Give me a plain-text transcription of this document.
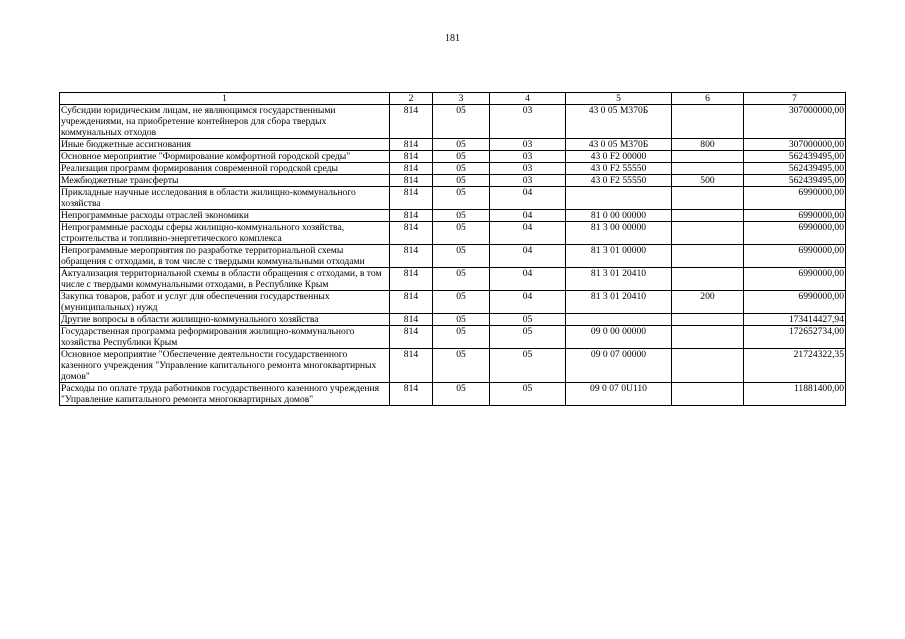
181
1	2	3	4	5	6	7
Субсидии юридическим лицам, не являющимся государственными учреждениями, на приобретение контейнеров для сбора твердых коммунальных отходов	814	05	03	43 0 05 М370Б		307000000,00
Иные бюджетные ассигнования	814	05	03	43 0 05 М370Б	800	307000000,00
Основное мероприятие "Формирование комфортной городской среды"	814	05	03	43 0 F2 00000		562439495,00
Реализация программ формирования современной городской среды	814	05	03	43 0 F2 55550		562439495,00
Межбюджетные трансферты	814	05	03	43 0 F2 55550	500	562439495,00
Прикладные научные исследования в области жилищно-коммунального хозяйства	814	05	04			6990000,00
Непрограммные расходы отраслей экономики	814	05	04	81 0 00 00000		6990000,00
Непрограммные расходы сферы жилищно-коммунального хозяйства, строительства и топливно-энергетического комплекса	814	05	04	81 3 00 00000		6990000,00
Непрограммные мероприятия по разработке территориальной схемы обращения с отходами, в том числе с твердыми коммунальными отходами	814	05	04	81 3 01 00000		6990000,00
Актуализация территориальной схемы в области обращения с отходами, в том числе с твердыми коммунальными отходами, в Республике Крым	814	05	04	81 3 01 20410		6990000,00
Закупка товаров, работ и услуг для обеспечения государственных (муниципальных) нужд	814	05	04	81 3 01 20410	200	6990000,00
Другие вопросы в области жилищно-коммунального хозяйства	814	05	05			173414427,94
Государственная программа реформирования жилищно-коммунального хозяйства Республики Крым	814	05	05	09 0 00 00000		172652734,00
Основное мероприятие "Обеспечение деятельности государственного казенного учреждения "Управление капитального ремонта многоквартирных домов"	814	05	05	09 0 07 00000		21724322,35
Расходы по оплате труда работников государственного казенного учреждения "Управление капитального ремонта многоквартирных домов"	814	05	05	09 0 07 0U110		11881400,00
